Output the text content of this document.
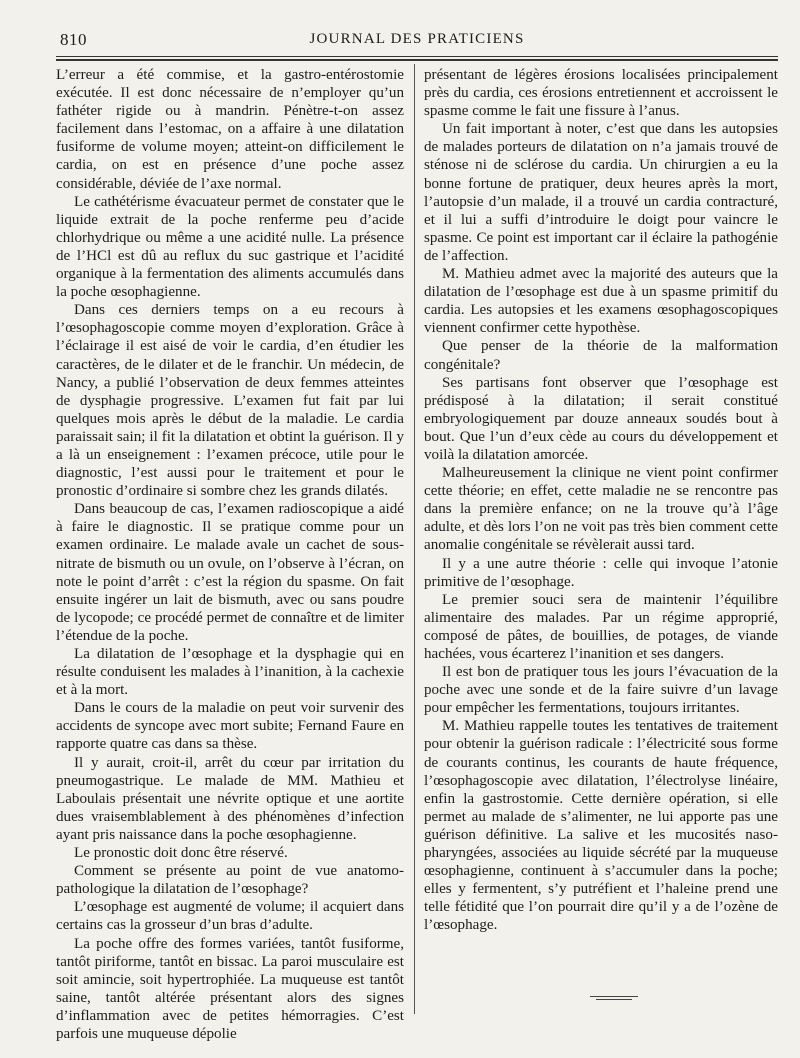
810	JOURNAL DES PRATICIENS

L’erreur a été commise, et la gastro-entérostomie exécutée. Il est donc nécessaire de n’employer qu’un fathéter rigide ou à mandrin. Pénètre-t-on assez facilement dans l’estomac, on a affaire à une dilatation fusiforme de volume moyen; atteint-on difficilement le cardia, on est en présence d’une poche assez considérable, déviée de l’axe normal.

Le cathétérisme évacuateur permet de constater que le liquide extrait de la poche renferme peu d’acide chlorhydrique ou même a une acidité nulle. La présence de l’HCl est dû au reflux du suc gastrique et l’acidité organique à la fermentation des aliments accumulés dans la poche œsophagienne.

Dans ces derniers temps on a eu recours à l’œsophagoscopie comme moyen d’exploration. Grâce à l’éclairage il est aisé de voir le cardia, d’en étudier les caractères, de le dilater et de le franchir. Un médecin, de Nancy, a publié l’observation de deux femmes atteintes de dysphagie progressive. L’examen fut fait par lui quelques mois après le début de la maladie. Le cardia paraissait sain; il fit la dilatation et obtint la guérison. Il y a là un enseignement : l’examen précoce, utile pour le diagnostic, l’est aussi pour le traitement et pour le pronostic d’ordinaire si sombre chez les grands dilatés.

Dans beaucoup de cas, l’examen radioscopique a aidé à faire le diagnostic. Il se pratique comme pour un examen ordinaire. Le malade avale un cachet de sous-nitrate de bismuth ou un ovule, on l’observe à l’écran, on note le point d’arrêt : c’est la région du spasme. On fait ensuite ingérer un lait de bismuth, avec ou sans poudre de lycopode; ce procédé permet de connaître et de limiter l’étendue de la poche.

La dilatation de l’œsophage et la dysphagie qui en résulte conduisent les malades à l’inanition, à la cachexie et à la mort.

Dans le cours de la maladie on peut voir survenir des accidents de syncope avec mort subite; Fernand Faure en rapporte quatre cas dans sa thèse.

Il y aurait, croit-il, arrêt du cœur par irritation du pneumogastrique. Le malade de MM. Mathieu et Laboulais présentait une névrite optique et une aortite dues vraisemblablement à des phénomènes d’infection ayant pris naissance dans la poche œsophagienne.

Le pronostic doit donc être réservé.

Comment se présente au point de vue anatomo-pathologique la dilatation de l’œsophage?

L’œsophage est augmenté de volume; il acquiert dans certains cas la grosseur d’un bras d’adulte.

La poche offre des formes variées, tantôt fusiforme, tantôt piriforme, tantôt en bissac. La paroi musculaire est soit amincie, soit hypertrophiée. La muqueuse est tantôt saine, tantôt altérée présentant alors des signes d’inflammation avec de petites hémorragies. C’est parfois une muqueuse dépolie

présentant de légères érosions localisées principalement près du cardia, ces érosions entretiennent et accroissent le spasme comme le fait une fissure à l’anus.

Un fait important à noter, c’est que dans les autopsies de malades porteurs de dilatation on n’a jamais trouvé de sténose ni de sclérose du cardia. Un chirurgien a eu la bonne fortune de pratiquer, deux heures après la mort, l’autopsie d’un malade, il a trouvé un cardia contracturé, et il lui a suffi d’introduire le doigt pour vaincre le spasme. Ce point est important car il éclaire la pathogénie de l’affection.

M. Mathieu admet avec la majorité des auteurs que la dilatation de l’œsophage est due à un spasme primitif du cardia. Les autopsies et les examens œsophagoscopiques viennent confirmer cette hypothèse.

Que penser de la théorie de la malformation congénitale?

Ses partisans font observer que l’œsophage est prédisposé à la dilatation; il serait constitué embryologiquement par douze anneaux soudés bout à bout. Que l’un d’eux cède au cours du développement et voilà la dilatation amorcée.

Malheureusement la clinique ne vient point confirmer cette théorie; en effet, cette maladie ne se rencontre pas dans la première enfance; on ne la trouve qu’à l’âge adulte, et dès lors l’on ne voit pas très bien comment cette anomalie congénitale se révèlerait aussi tard.

Il y a une autre théorie : celle qui invoque l’atonie primitive de l’œsophage.

Le premier souci sera de maintenir l’équilibre alimentaire des malades. Par un régime approprié, composé de pâtes, de bouillies, de potages, de viande hachées, vous écarterez l’inanition et ses dangers.

Il est bon de pratiquer tous les jours l’évacuation de la poche avec une sonde et de la faire suivre d’un lavage pour empêcher les fermentations, toujours irritantes.

M. Mathieu rappelle toutes les tentatives de traitement pour obtenir la guérison radicale : l’électricité sous forme de courants continus, les courants de haute fréquence, l’œsophagoscopie avec dilatation, l’électrolyse linéaire, enfin la gastrostomie. Cette dernière opération, si elle permet au malade de s’alimenter, ne lui apporte pas une guérison définitive. La salive et les mucosités naso-pharyngées, associées au liquide sécrété par la muqueuse œsophagienne, continuent à s’accumuler dans la poche; elles y fermentent, s’y putréfient et l’haleine prend une telle fétidité que l’on pourrait dire qu’il y a de l’ozène de l’œsophage.
